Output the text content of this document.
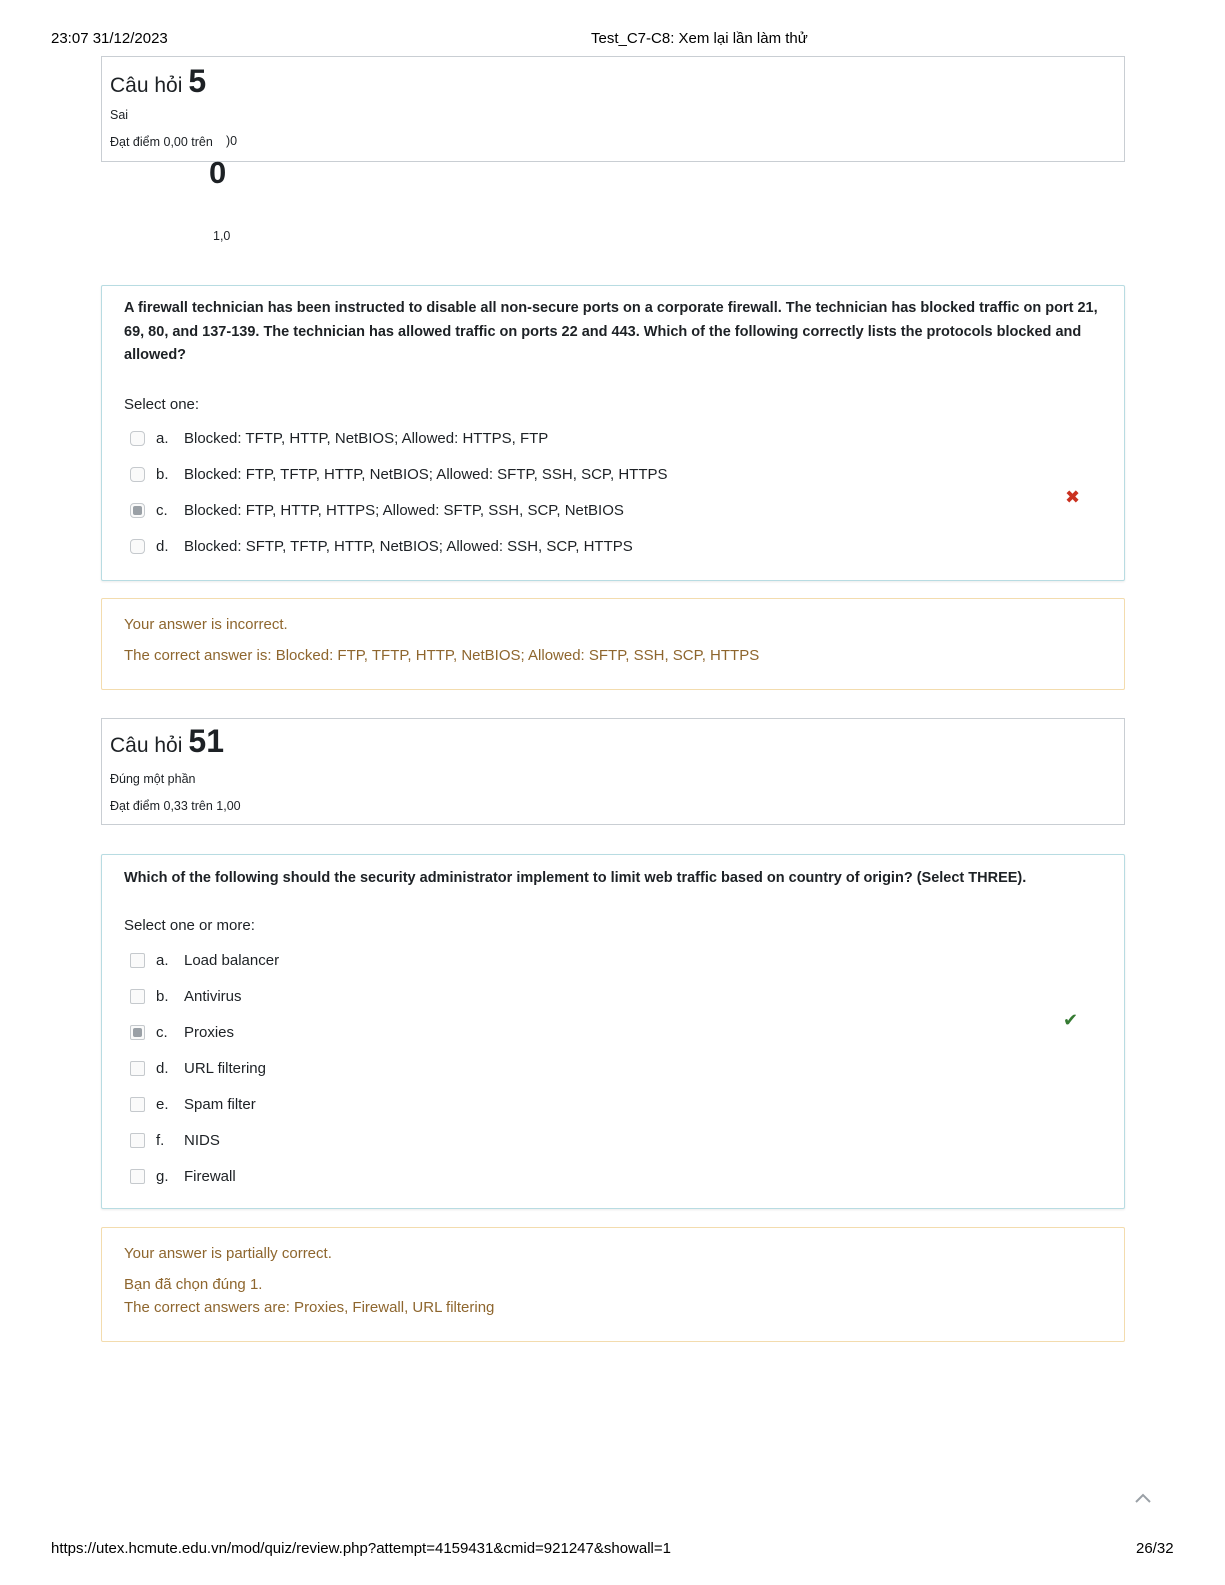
23:07 31/12/2023	Test_C7-C8: Xem lại lần làm thử
Câu hỏi 5
Sai
Đạt điểm 0,00 trên )0
0
1,0
A firewall technician has been instructed to disable all non-secure ports on a corporate firewall. The technician has blocked traffic on port 21, 69, 80, and 137-139. The technician has allowed traffic on ports 22 and 443. Which of the following correctly lists the protocols blocked and allowed?
Select one:
a.	Blocked: TFTP, HTTP, NetBIOS; Allowed: HTTPS, FTP
b.	Blocked: FTP, TFTP, HTTP, NetBIOS; Allowed: SFTP, SSH, SCP, HTTPS
c.	Blocked: FTP, HTTP, HTTPS; Allowed: SFTP, SSH, SCP, NetBIOS
d.	Blocked: SFTP, TFTP, HTTP, NetBIOS; Allowed: SSH, SCP, HTTPS
✖
Your answer is incorrect.
The correct answer is: Blocked: FTP, TFTP, HTTP, NetBIOS; Allowed: SFTP, SSH, SCP, HTTPS
Câu hỏi 51
Đúng một phần
Đạt điểm 0,33 trên 1,00
Which of the following should the security administrator implement to limit web traffic based on country of origin? (Select THREE).
Select one or more:
a.	Load balancer
b.	Antivirus
c.	Proxies
d.	URL filtering
e.	Spam filter
f.	NIDS
g.	Firewall
✔
Your answer is partially correct.
Bạn đã chọn đúng 1.
The correct answers are: Proxies, Firewall, URL filtering
https://utex.hcmute.edu.vn/mod/quiz/review.php?attempt=4159431&cmid=921247&showall=1	26/32
